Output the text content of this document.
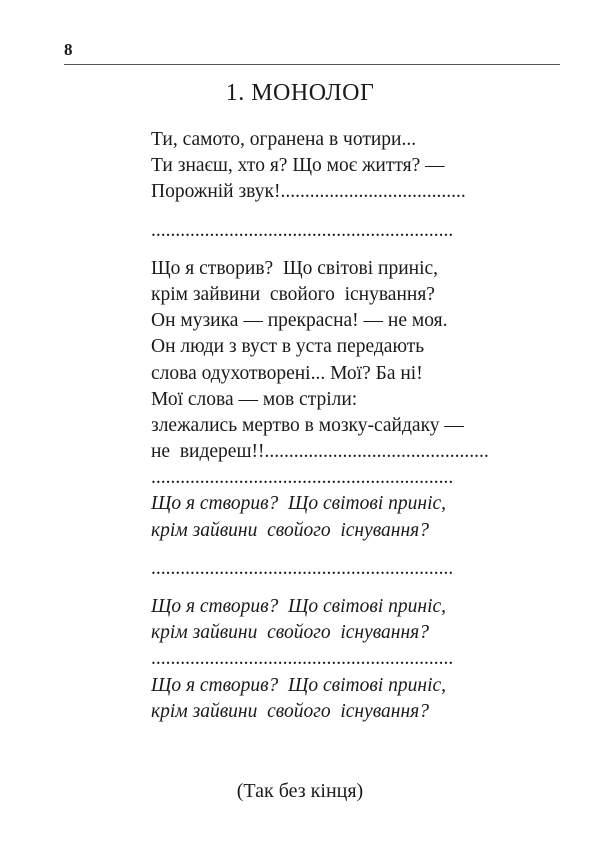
8
1. МОНОЛОГ
Ти, самото, огранена в чотири...
Ти знаєш, хто я? Що моє життя? —
Порожній звук!......................................
..............................................................
Що я створив?  Що світові приніс,
крім зайвини  свойого  існування?
Он музика — прекрасна! — не моя.
Он люди з вуст в уста передають
слова одухотворені... Мої? Ба ні!
Мої слова — мов стріли:
злежались мертво в мозку-сайдаку —
не  видереш!!..............................................
..............................................................
Що я створив?  Що світові приніс,
крім зайвини  свойого  існування?
..............................................................
Що я створив?  Що світові приніс,
крім зайвини  свойого  існування?
..............................................................
Що я створив?  Що світові приніс,
крім зайвини  свойого  існування?
(Так без кінця)
